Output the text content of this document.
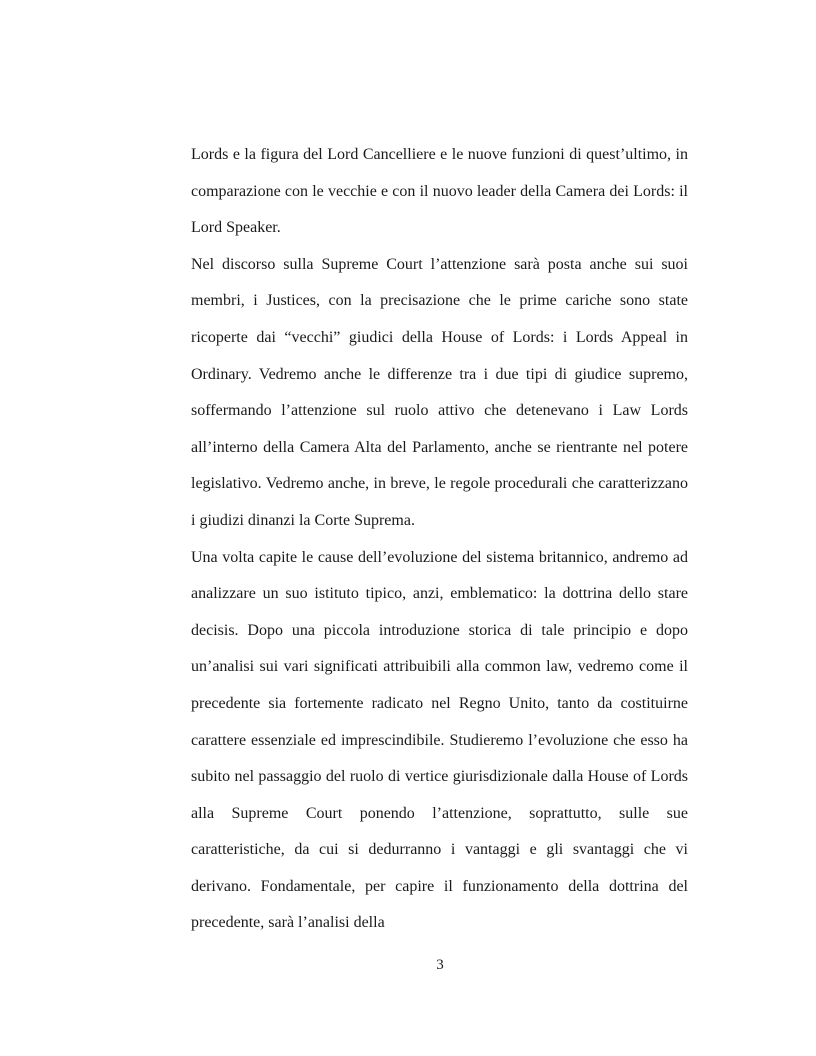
Lords e la figura del Lord Cancelliere e le nuove funzioni di quest’ultimo, in comparazione con le vecchie e con il nuovo leader della Camera dei Lords: il Lord Speaker.

Nel discorso sulla Supreme Court l’attenzione sarà posta anche sui suoi membri, i Justices, con la precisazione che le prime cariche sono state ricoperte dai “vecchi” giudici della House of Lords: i Lords Appeal in Ordinary. Vedremo anche le differenze tra i due tipi di giudice supremo, soffermando l’attenzione sul ruolo attivo che detenevano i Law Lords all’interno della Camera Alta del Parlamento, anche se rientrante nel potere legislativo. Vedremo anche, in breve, le regole procedurali che caratterizzano i giudizi dinanzi la Corte Suprema.

Una volta capite le cause dell’evoluzione del sistema britannico, andremo ad analizzare un suo istituto tipico, anzi, emblematico: la dottrina dello stare decisis. Dopo una piccola introduzione storica di tale principio e dopo un’analisi sui vari significati attribuibili alla common law, vedremo come il precedente sia fortemente radicato nel Regno Unito, tanto da costituirne carattere essenziale ed imprescindibile. Studieremo l’evoluzione che esso ha subito nel passaggio del ruolo di vertice giurisdizionale dalla House of Lords alla Supreme Court ponendo l’attenzione, soprattutto, sulle sue caratteristiche, da cui si dedurranno i vantaggi e gli svantaggi che vi derivano. Fondamentale, per capire il funzionamento della dottrina del precedente, sarà l’analisi della

3
